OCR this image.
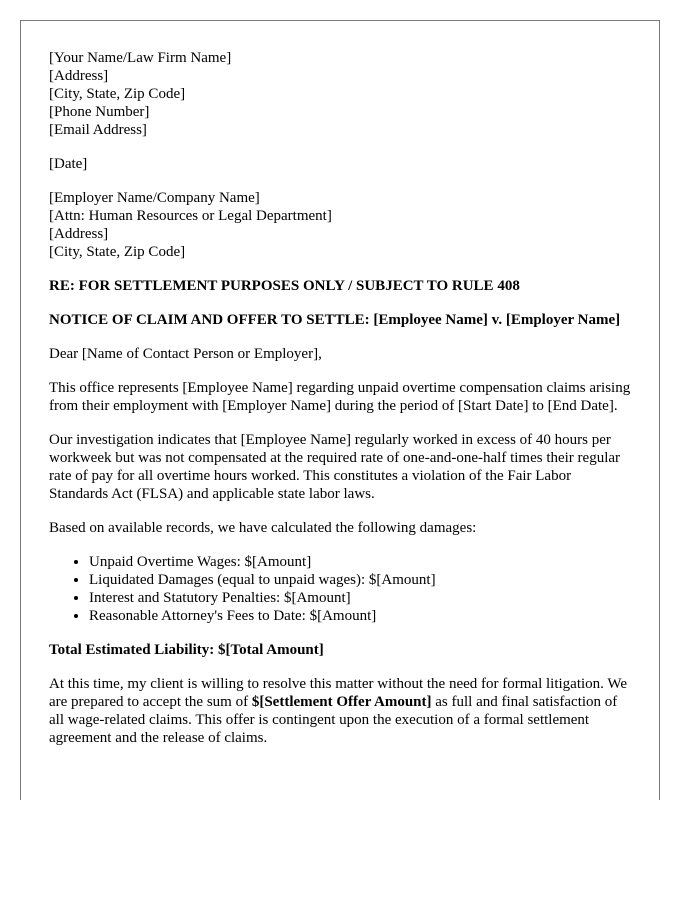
[Your Name/Law Firm Name]
[Address]
[City, State, Zip Code]
[Phone Number]
[Email Address]
[Date]
[Employer Name/Company Name]
[Attn: Human Resources or Legal Department]
[Address]
[City, State, Zip Code]

RE: FOR SETTLEMENT PURPOSES ONLY / SUBJECT TO RULE 408

NOTICE OF CLAIM AND OFFER TO SETTLE: [Employee Name] v. [Employer Name]

Dear [Name of Contact Person or Employer],

This office represents [Employee Name] regarding unpaid overtime compensation claims arising from their employment with [Employer Name] during the period of [Start Date] to [End Date].

Our investigation indicates that [Employee Name] regularly worked in excess of 40 hours per workweek but was not compensated at the required rate of one-and-one-half times their regular rate of pay for all overtime hours worked. This constitutes a violation of the Fair Labor Standards Act (FLSA) and applicable state labor laws.

Based on available records, we have calculated the following damages:

• Unpaid Overtime Wages: $[Amount]
• Liquidated Damages (equal to unpaid wages): $[Amount]
• Interest and Statutory Penalties: $[Amount]
• Reasonable Attorney's Fees to Date: $[Amount]

Total Estimated Liability: $[Total Amount]

At this time, my client is willing to resolve this matter without the need for formal litigation. We are prepared to accept the sum of $[Settlement Offer Amount] as full and final satisfaction of all wage-related claims. This offer is contingent upon the execution of a formal settlement agreement and the release of claims.
